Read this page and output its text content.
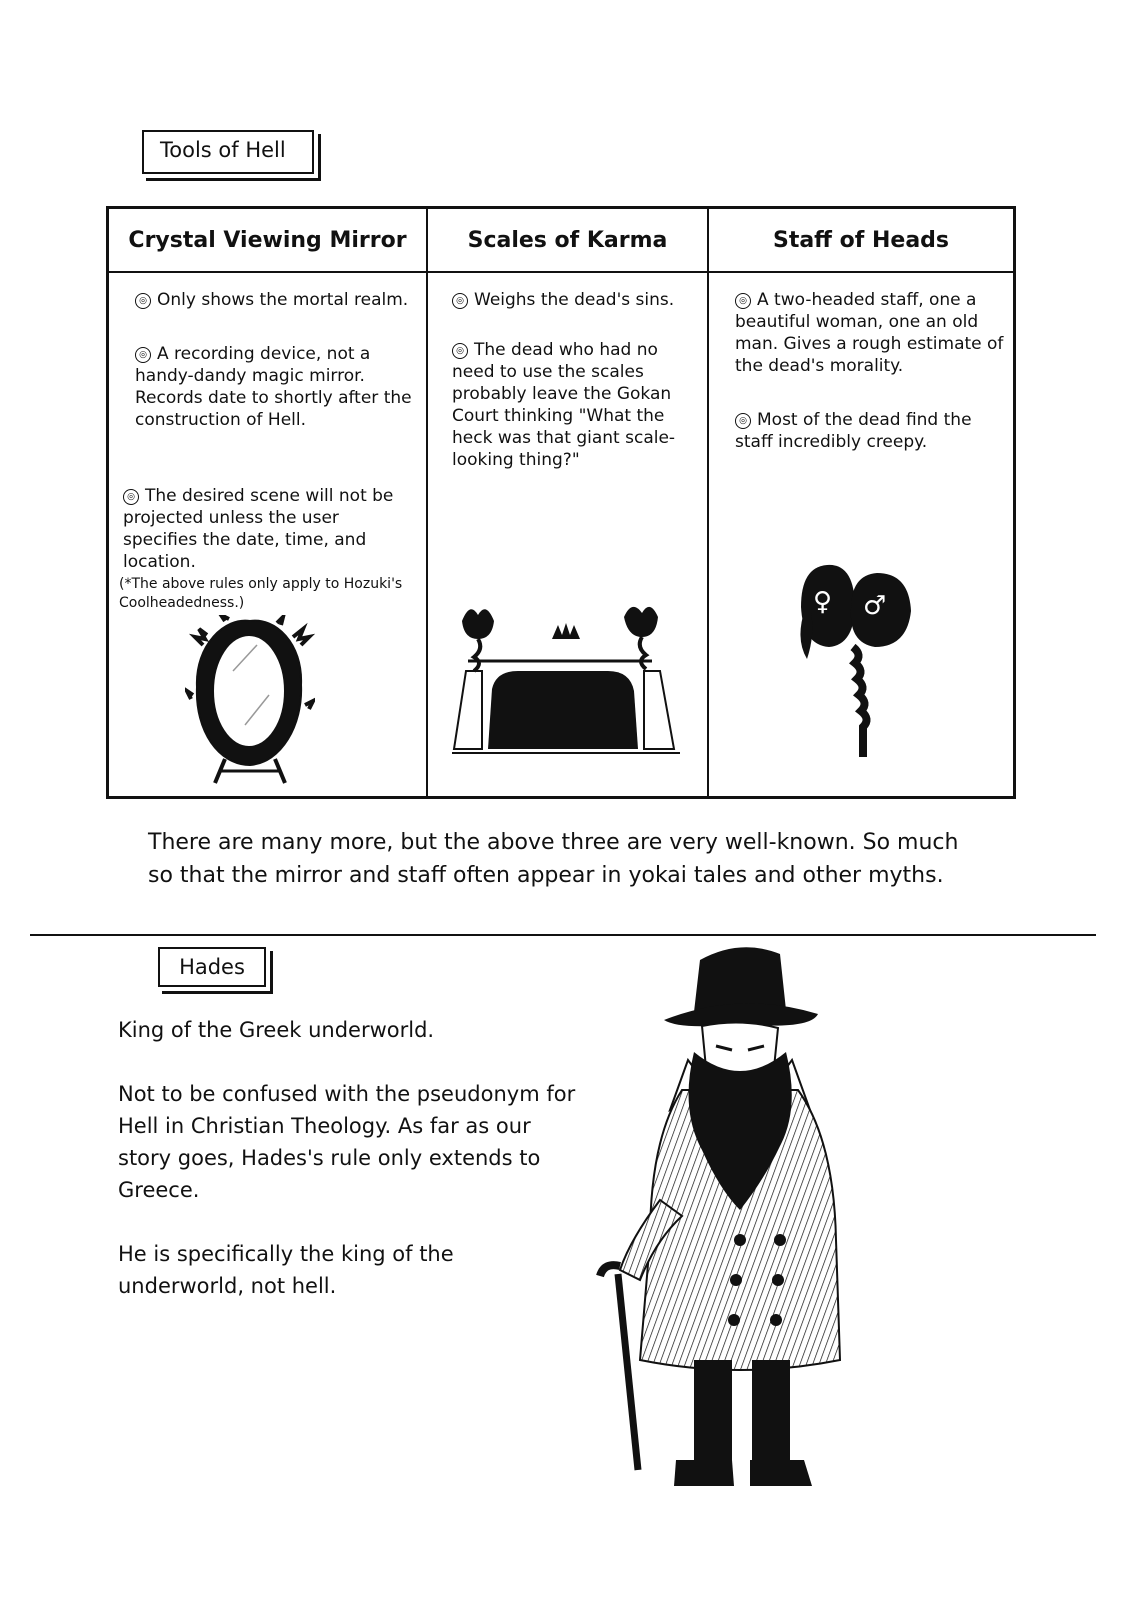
Tools of Hell
Crystal Viewing Mirror
◎ Only shows the mortal realm.
◎ A recording device, not a handy-dandy magic mirror. Records date to shortly after the construction of Hell.
◎ The desired scene will not be projected unless the user specifies the date, time, and location.
(*The above rules only apply to Hozuki's Coolheadedness.)
Scales of Karma
◎ Weighs the dead's sins.
◎ The dead who had no need to use the scales probably leave the Gokan Court thinking "What the heck was that giant scale-looking thing?"
Staff of Heads
◎ A two-headed staff, one a beautiful woman, one an old man. Gives a rough estimate of the dead's morality.
◎ Most of the dead find the staff incredibly creepy.
♀ ♂
There are many more, but the above three are very well-known. So much so that the mirror and staff often appear in yokai tales and other myths.
Hades
King of the Greek underworld.
Not to be confused with the pseudonym for Hell in Christian Theology. As far as our story goes, Hades's rule only extends to Greece.
He is specifically the king of the underworld, not hell.
